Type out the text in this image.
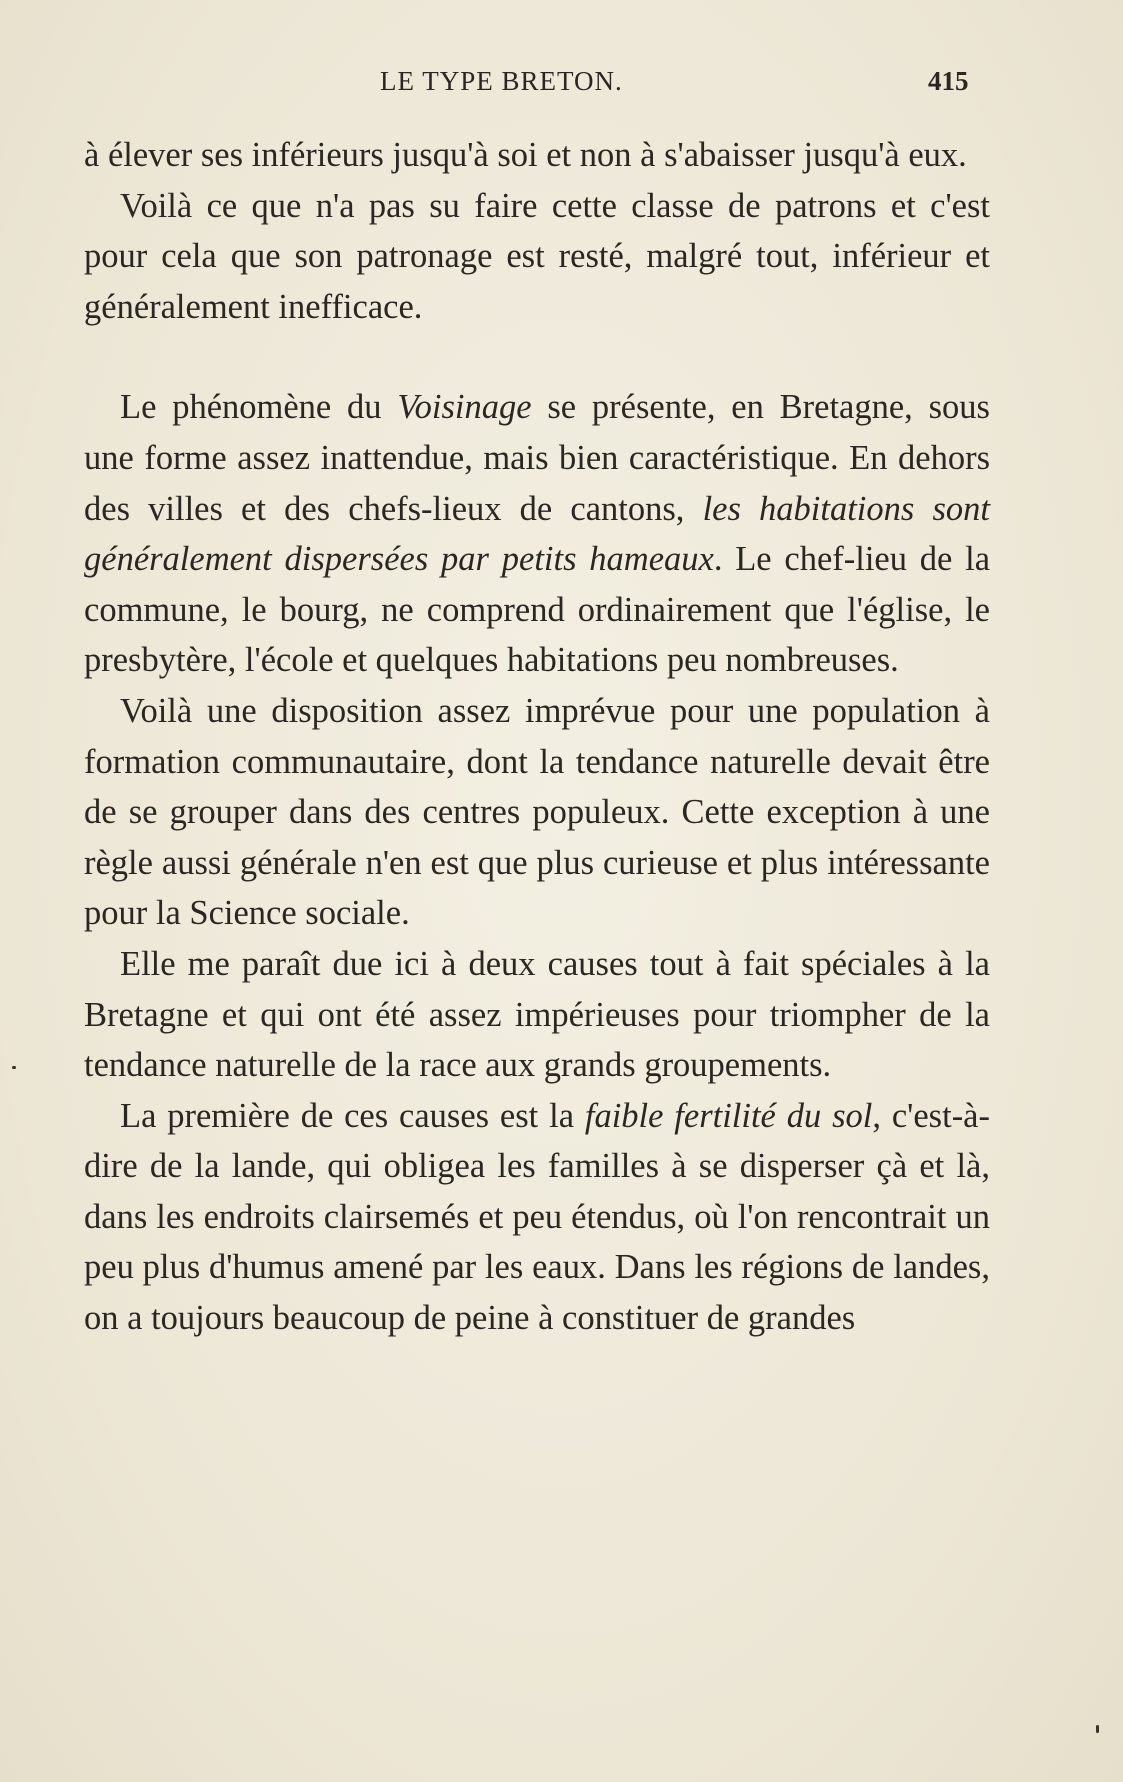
LE TYPE BRETON.	415

à élever ses inférieurs jusqu'à soi et non à s'abaisser jusqu'à eux.

Voilà ce que n'a pas su faire cette classe de patrons et c'est pour cela que son patronage est resté, malgré tout, inférieur et généralement inefficace.

Le phénomène du Voisinage se présente, en Bretagne, sous une forme assez inattendue, mais bien caractéristique. En dehors des villes et des chefs-lieux de cantons, les habitations sont généralement dispersées par petits hameaux. Le chef-lieu de la commune, le bourg, ne comprend ordinairement que l'église, le presbytère, l'école et quelques habitations peu nombreuses.

Voilà une disposition assez imprévue pour une population à formation communautaire, dont la tendance naturelle devait être de se grouper dans des centres populeux. Cette exception à une règle aussi générale n'en est que plus curieuse et plus intéressante pour la Science sociale.

Elle me paraît due ici à deux causes tout à fait spéciales à la Bretagne et qui ont été assez impérieuses pour triompher de la tendance naturelle de la race aux grands groupements.

La première de ces causes est la faible fertilité du sol, c'est-à-dire de la lande, qui obligea les familles à se disperser çà et là, dans les endroits clairsemés et peu étendus, où l'on rencontrait un peu plus d'humus amené par les eaux. Dans les régions de landes, on a toujours beaucoup de peine à constituer de grandes
